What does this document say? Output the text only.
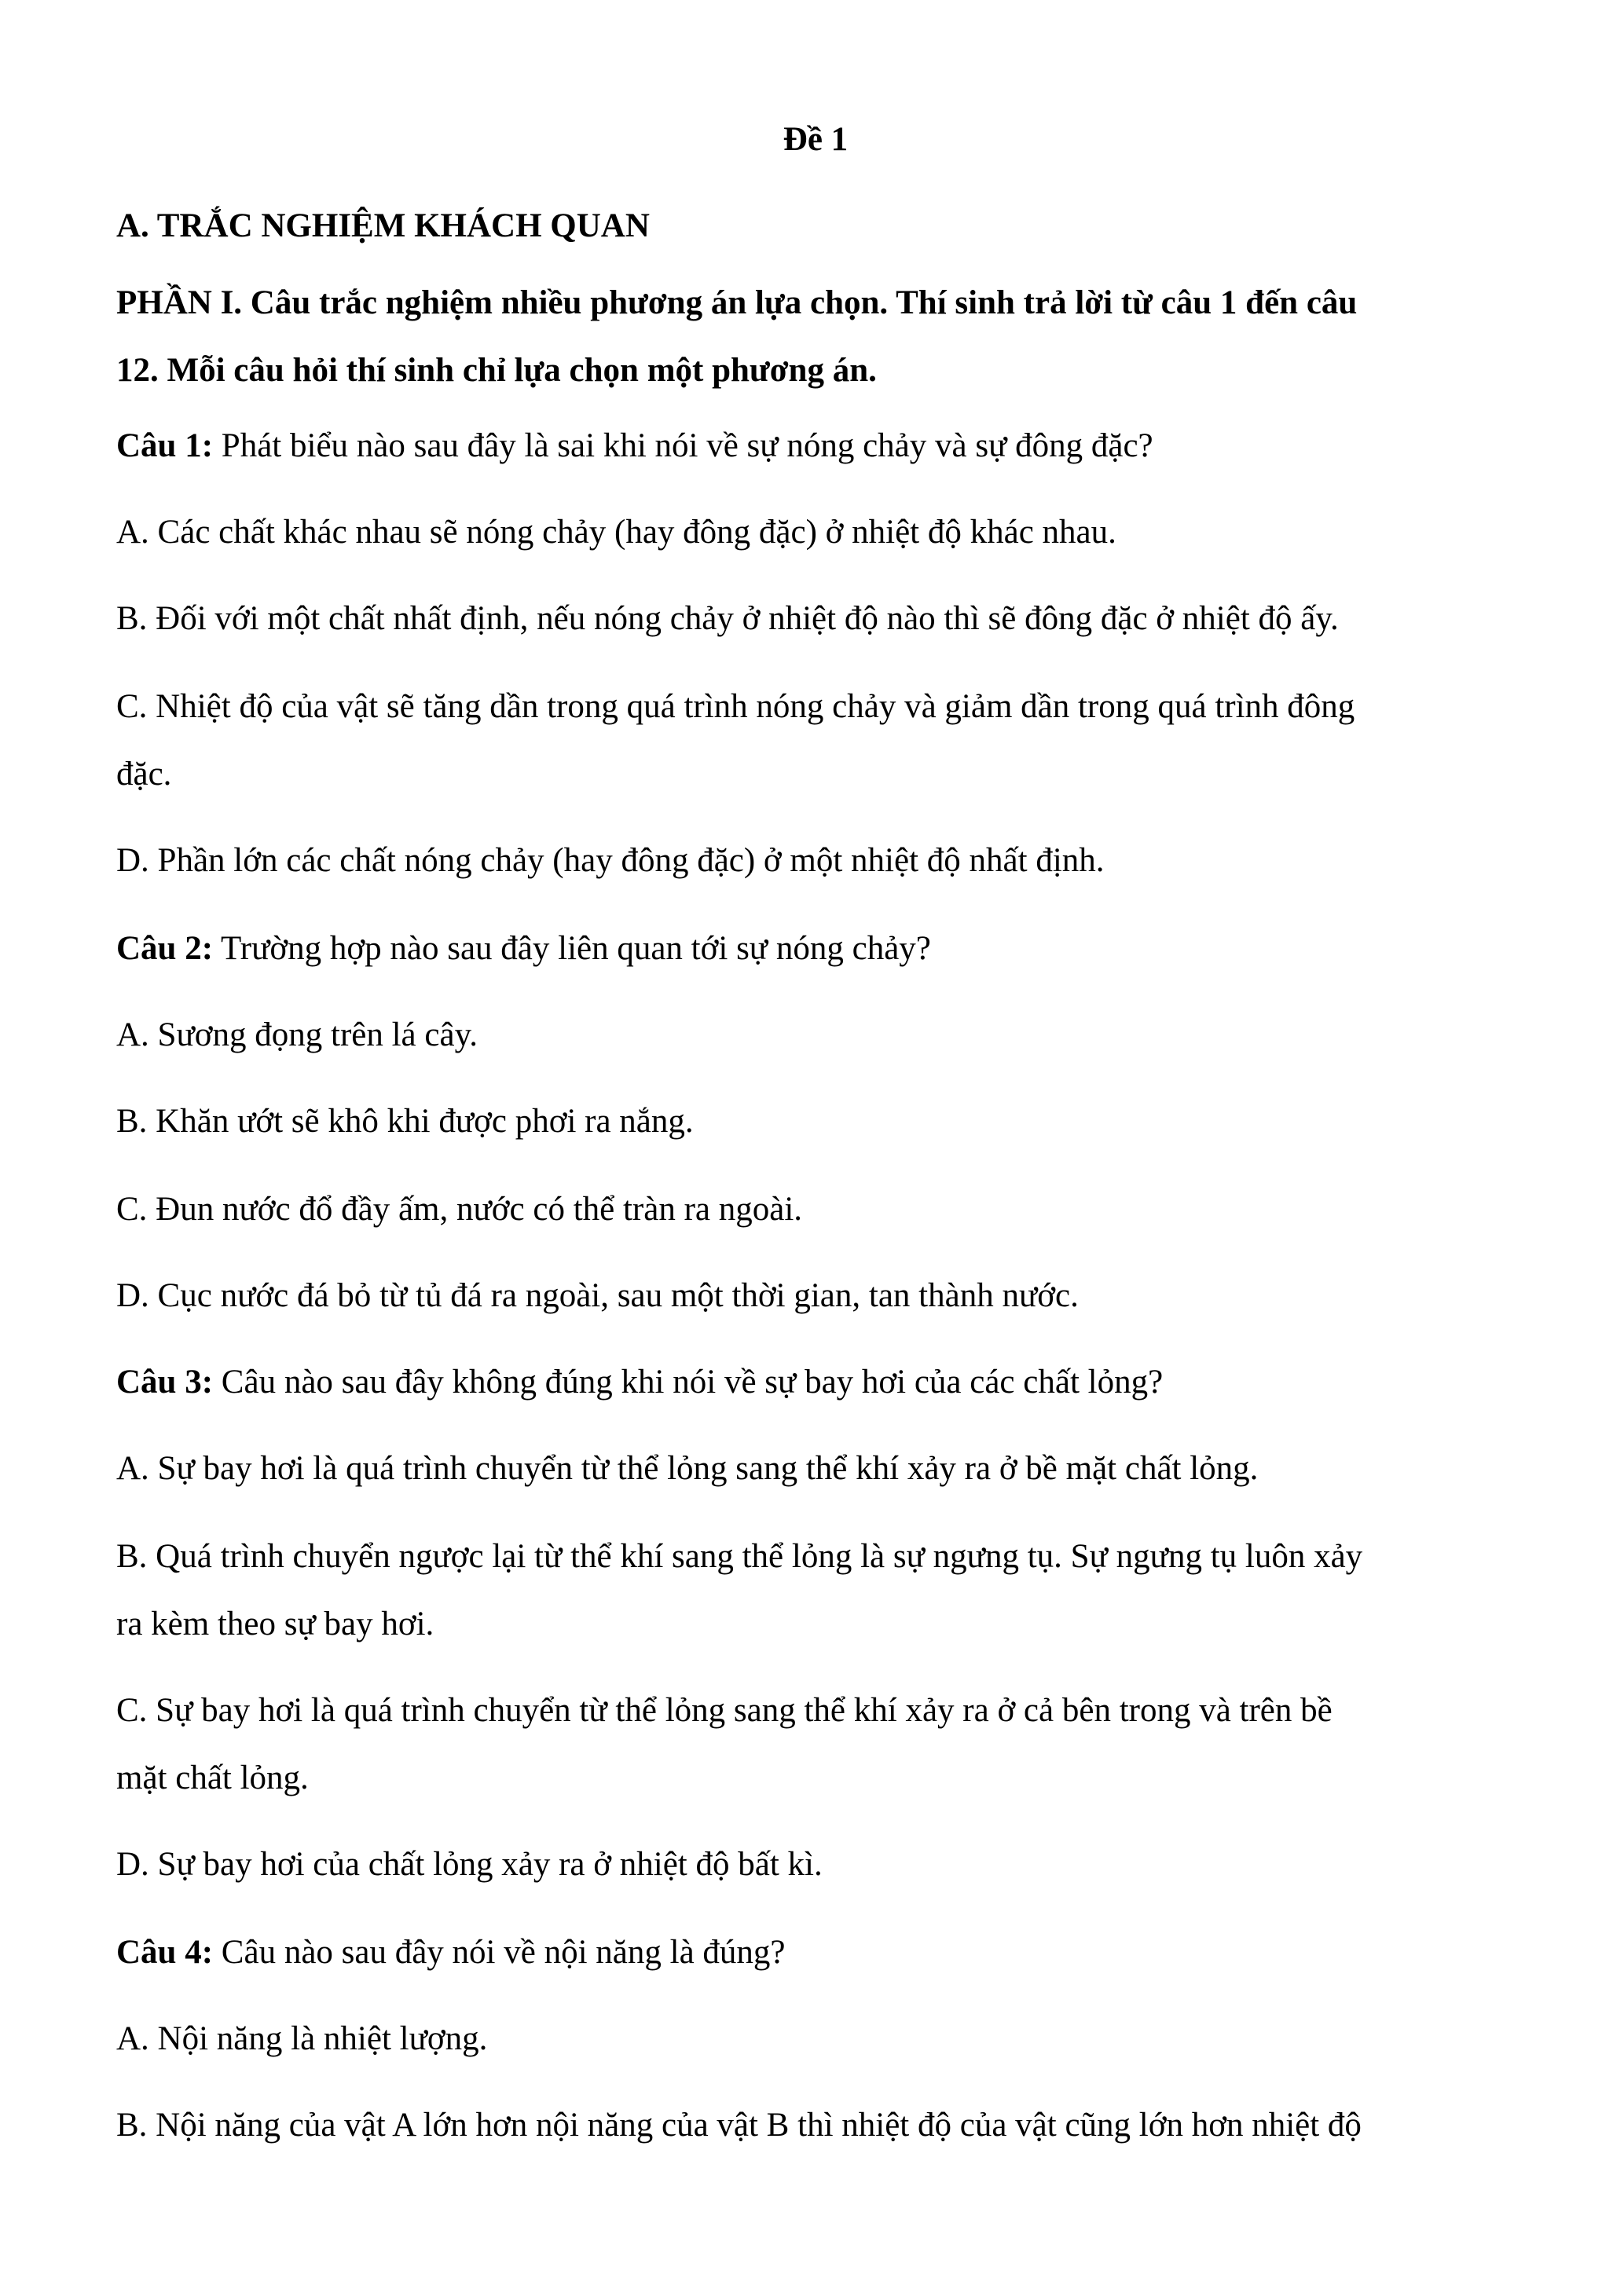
Đề 1
A. TRẮC NGHIỆM KHÁCH QUAN
PHẦN I. Câu trắc nghiệm nhiều phương án lựa chọn. Thí sinh trả lời từ câu 1 đến câu
12. Mỗi câu hỏi thí sinh chỉ lựa chọn một phương án.
Câu 1: Phát biểu nào sau đây là sai khi nói về sự nóng chảy và sự đông đặc?
A. Các chất khác nhau sẽ nóng chảy (hay đông đặc) ở nhiệt độ khác nhau.
B. Đối với một chất nhất định, nếu nóng chảy ở nhiệt độ nào thì sẽ đông đặc ở nhiệt độ ấy.
C. Nhiệt độ của vật sẽ tăng dần trong quá trình nóng chảy và giảm dần trong quá trình đông
đặc.
D. Phần lớn các chất nóng chảy (hay đông đặc) ở một nhiệt độ nhất định.
Câu 2: Trường hợp nào sau đây liên quan tới sự nóng chảy?
A. Sương đọng trên lá cây.
B. Khăn ướt sẽ khô khi được phơi ra nắng.
C. Đun nước đổ đầy ấm, nước có thể tràn ra ngoài.
D. Cục nước đá bỏ từ tủ đá ra ngoài, sau một thời gian, tan thành nước.
Câu 3: Câu nào sau đây không đúng khi nói về sự bay hơi của các chất lỏng?
A. Sự bay hơi là quá trình chuyển từ thể lỏng sang thể khí xảy ra ở bề mặt chất lỏng.
B. Quá trình chuyển ngược lại từ thể khí sang thể lỏng là sự ngưng tụ. Sự ngưng tụ luôn xảy
ra kèm theo sự bay hơi.
C. Sự bay hơi là quá trình chuyển từ thể lỏng sang thể khí xảy ra ở cả bên trong và trên bề
mặt chất lỏng.
D. Sự bay hơi của chất lỏng xảy ra ở nhiệt độ bất kì.
Câu 4: Câu nào sau đây nói về nội năng là đúng?
A. Nội năng là nhiệt lượng.
B. Nội năng của vật A lớn hơn nội năng của vật B thì nhiệt độ của vật cũng lớn hơn nhiệt độ
